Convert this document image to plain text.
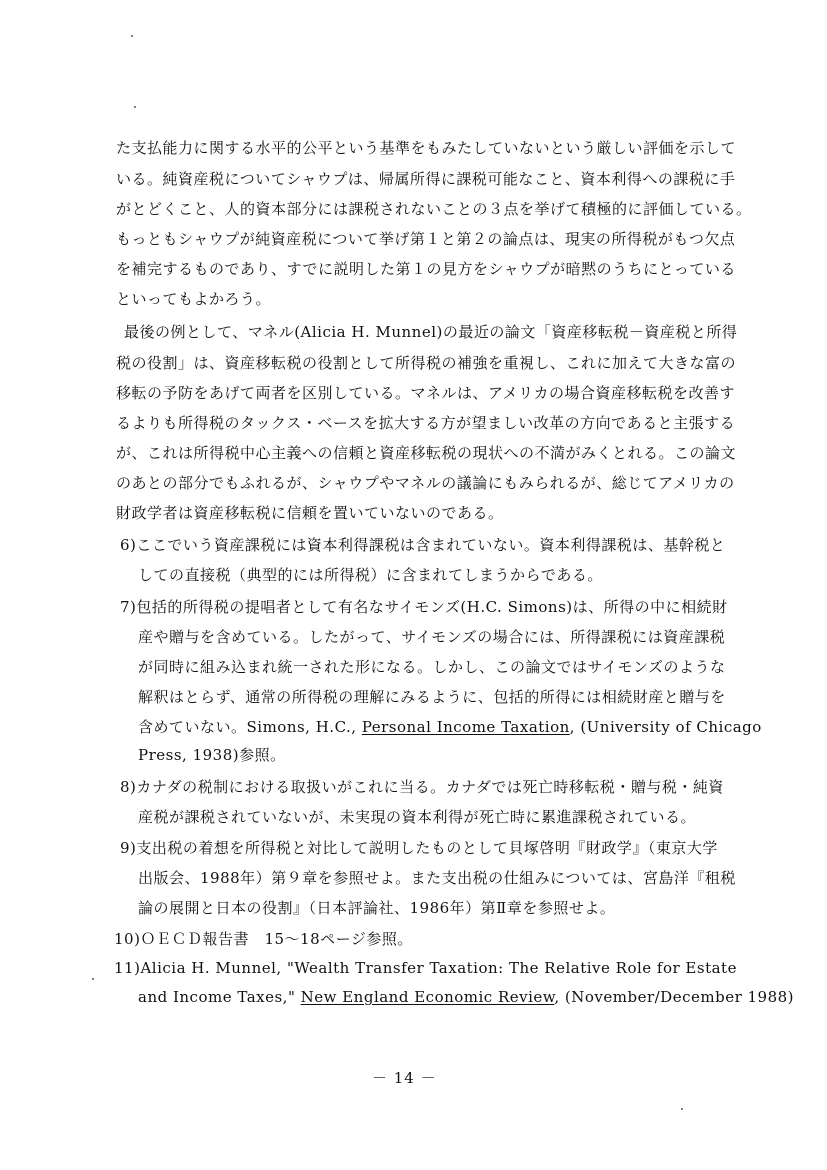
た支払能力に関する水平的公平という基準をもみたしていないという厳しい評価を示して
いる。純資産税についてシャウプは、帰属所得に課税可能なこと、資本利得への課税に手
がとどくこと、人的資本部分には課税されないことの３点を挙げて積極的に評価している。
もっともシャウプが純資産税について挙げ第１と第２の論点は、現実の所得税がもつ欠点
を補完するものであり、すでに説明した第１の見方をシャウプが暗黙のうちにとっている
といってもよかろう。
最後の例として、マネル(Alicia H. Munnel)の最近の論文「資産移転税－資産税と所得
税の役割」は、資産移転税の役割として所得税の補強を重視し、これに加えて大きな富の
移転の予防をあげて両者を区別している。マネルは、アメリカの場合資産移転税を改善す
るよりも所得税のタックス・ベースを拡大する方が望ましい改革の方向であると主張する
が、これは所得税中心主義への信頼と資産移転税の現状への不満がみくとれる。この論文
のあとの部分でもふれるが、シャウプやマネルの議論にもみられるが、総じてアメリカの
財政学者は資産移転税に信頼を置いていないのである。
6)ここでいう資産課税には資本利得課税は含まれていない。資本利得課税は、基幹税と
しての直接税（典型的には所得税）に含まれてしまうからである。
7)包括的所得税の提唱者として有名なサイモンズ(H.C. Simons)は、所得の中に相続財
産や贈与を含めている。したがって、サイモンズの場合には、所得課税には資産課税
が同時に組み込まれ統一された形になる。しかし、この論文ではサイモンズのような
解釈はとらず、通常の所得税の理解にみるように、包括的所得には相続財産と贈与を
含めていない。Simons, H.C., Personal Income Taxation, (University of Chicago
Press, 1938)参照。
8)カナダの税制における取扱いがこれに当る。カナダでは死亡時移転税・贈与税・純資
産税が課税されていないが、未実現の資本利得が死亡時に累進課税されている。
9)支出税の着想を所得税と対比して説明したものとして貝塚啓明『財政学』（東京大学
出版会、1988年）第９章を参照せよ。また支出税の仕組みについては、宮島洋『租税
論の展開と日本の役割』（日本評論社、1986年）第Ⅱ章を参照せよ。
10)ＯＥＣＤ報告書　15～18ページ参照。
11)Alicia H. Munnel, "Wealth Transfer Taxation: The Relative Role for Estate
and Income Taxes," New England Economic Review, (November/December 1988)
－ 14 －
